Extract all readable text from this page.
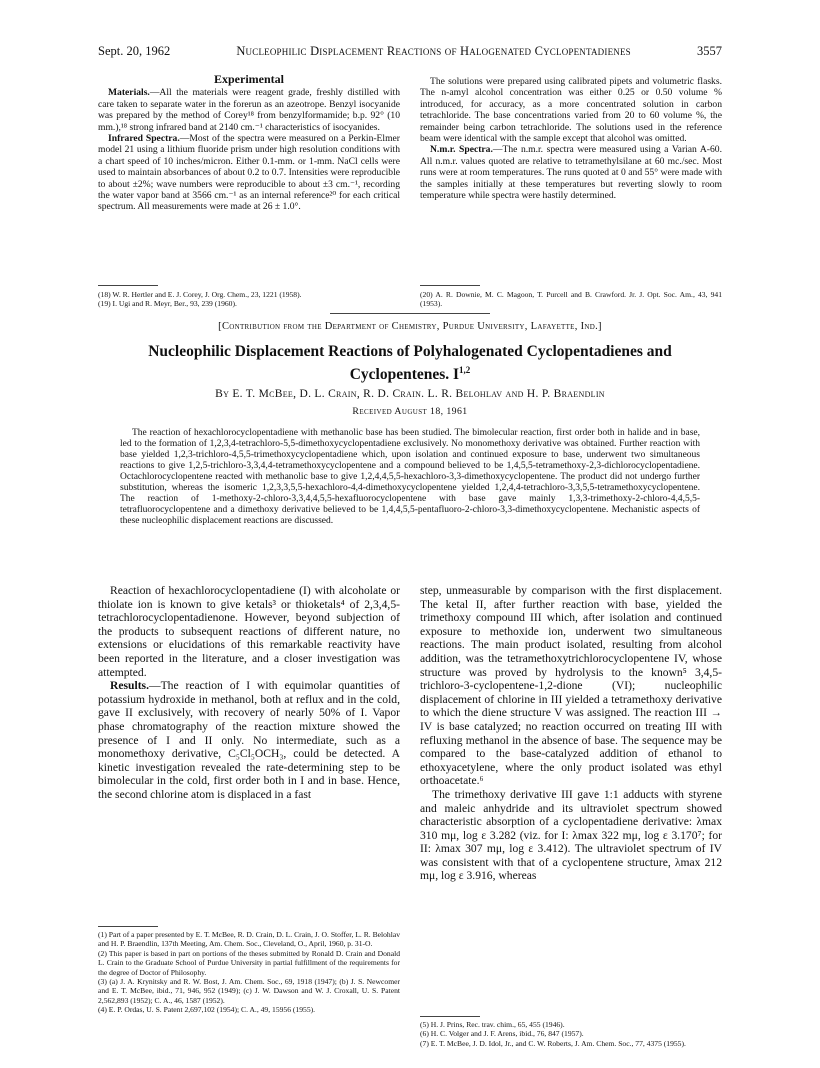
Sept. 20, 1962	Nucleophilic Displacement Reactions of Halogenated Cyclopentadienes	3557
Experimental

Materials.—All the materials were reagent grade, freshly distilled with care taken to separate water in the forerun as an azeotrope. Benzyl isocyanide was prepared by the method of Corey¹⁸ from benzylformamide; b.p. 92° (10 mm.),¹⁸ strong infrared band at 2140 cm.⁻¹ characteristics of isocyanides.

Infrared Spectra.—Most of the spectra were measured on a Perkin-Elmer model 21 using a lithium fluoride prism under high resolution conditions with a chart speed of 10 inches/micron. Either 0.1-mm. or 1-mm. NaCl cells were used to maintain absorbances of about 0.2 to 0.7. Intensities were reproducible to about ±2%; wave numbers were reproducible to about ±3 cm.⁻¹, recording the water vapor band at 3566 cm.⁻¹ as an internal reference²⁰ for each critical spectrum. All measurements were made at 26 ± 1.0°.

The solutions were prepared using calibrated pipets and volumetric flasks. The n-amyl alcohol concentration was either 0.25 or 0.50 volume % introduced, for accuracy, as a more concentrated solution in carbon tetrachloride. The base concentrations varied from 20 to 60 volume %, the remainder being carbon tetrachloride. The solutions used in the reference beam were identical with the sample except that alcohol was omitted.

N.m.r. Spectra.—The n.m.r. spectra were measured using a Varian A-60. All n.m.r. values quoted are relative to tetramethylsilane at 60 mc./sec. Most runs were at room temperatures. The runs quoted at 0 and 55° were made with the samples initially at these temperatures but reverting slowly to room temperature while spectra were hastily determined.

(18) W. R. Hertler and E. J. Corey, J. Org. Chem., 23, 1221 (1958).
(19) I. Ugi and R. Meyr, Ber., 93, 239 (1960).
(20) A. R. Downie, M. C. Magoon, T. Purcell and B. Crawford. Jr. J. Opt. Soc. Am., 43, 941 (1953).
[Contribution from the Department of Chemistry, Purdue University, Lafayette, Ind.]
Nucleophilic Displacement Reactions of Polyhalogenated Cyclopentadienes and Cyclopentenes. I$^{1,2}$
By E. T. McBee, D. L. Crain, R. D. Crain. L. R. Belohlav and H. P. Braendlin
Received August 18, 1961

The reaction of hexachlorocyclopentadiene with methanolic base has been studied. The bimolecular reaction, first order both in halide and in base, led to the formation of 1,2,3,4-tetrachloro-5,5-dimethoxycyclopentadiene exclusively. No monomethoxy derivative was obtained. Further reaction with base yielded 1,2,3-trichloro-4,5,5-trimethoxycyclopentadiene which, upon isolation and continued exposure to base, underwent two simultaneous reactions to give 1,2,5-trichloro-3,3,4,4-tetramethoxycyclopentene and a compound believed to be 1,4,5,5-tetramethoxy-2,3-dichlorocyclopentadiene. Octachlorocyclopentene reacted with methanolic base to give 1,2,4,4,5,5-hexachloro-3,3-dimethoxycyclopentene. The product did not undergo further substitution, whereas the isomeric 1,2,3,3,5,5-hexachloro-4,4-dimethoxycyclopentene yielded 1,2,4,4-tetrachloro-3,3,5,5-tetramethoxycyclopentene. The reaction of 1-methoxy-2-chloro-3,3,4,4,5,5-hexafluorocyclopentene with base gave mainly 1,3,3-trimethoxy-2-chloro-4,4,5,5-tetrafluorocyclopentene and a dimethoxy derivative believed to be 1,4,4,5,5-pentafluoro-2-chloro-3,3-dimethoxycyclopentene. Mechanistic aspects of these nucleophilic displacement reactions are discussed.

Reaction of hexachlorocyclopentadiene (I) with alcoholate or thiolate ion is known to give ketals³ or thioketals⁴ of 2,3,4,5-tetrachlorocyclopentadienone. However, beyond subjection of the products to subsequent reactions of different nature, no extensions or elucidations of this remarkable reactivity have been reported in the literature, and a closer investigation was attempted.

Results.—The reaction of I with equimolar quantities of potassium hydroxide in methanol, both at reflux and in the cold, gave II exclusively, with recovery of nearly 50% of I. Vapor phase chromatography of the reaction mixture showed the presence of I and II only. No intermediate, such as a monomethoxy derivative, C₅Cl₅OCH₃, could be detected. A kinetic investigation revealed the rate-determining step to be bimolecular in the cold, first order both in I and in base. Hence, the second chlorine atom is displaced in a fast

step, unmeasurable by comparison with the first displacement. The ketal II, after further reaction with base, yielded the trimethoxy compound III which, after isolation and continued exposure to methoxide ion, underwent two simultaneous reactions. The main product isolated, resulting from alcohol addition, was the tetramethoxytrichlorocyclopentene IV, whose structure was proved by hydrolysis to the known⁵ 3,4,5-trichloro-3-cyclopentene-1,2-dione (VI); nucleophilic displacement of chlorine in III yielded a tetramethoxy derivative to which the diene structure V was assigned. The reaction III → IV is base catalyzed; no reaction occurred on treating III with refluxing methanol in the absence of base. The sequence may be compared to the base-catalyzed addition of ethanol to ethoxyacetylene, where the only product isolated was ethyl orthoacetate.⁶

The trimethoxy derivative III gave 1:1 adducts with styrene and maleic anhydride and its ultraviolet spectrum showed characteristic absorption of a cyclopentadiene derivative: λmax 310 mμ, log ε 3.282 (viz. for I: λmax 322 mμ, log ε 3.170⁷; for II: λmax 307 mμ, log ε 3.412). The ultraviolet spectrum of IV was consistent with that of a cyclopentene structure, λmax 212 mμ, log ε 3.916, whereas

(1) Part of a paper presented by E. T. McBee, R. D. Crain, D. L. Crain, J. O. Stoffer, L. R. Belohlav and H. P. Braendlin, 137th Meeting, Am. Chem. Soc., Cleveland, O., April, 1960, p. 31-O.
(2) This paper is based in part on portions of the theses submitted by Ronald D. Crain and Donald L. Crain to the Graduate School of Purdue University in partial fulfillment of the requirements for the degree of Doctor of Philosophy.
(3) (a) J. A. Krynitsky and R. W. Bost, J. Am. Chem. Soc., 69, 1918 (1947); (b) J. S. Newcomer and E. T. McBee, ibid., 71, 946, 952 (1949); (c) J. W. Dawson and W. J. Croxall, U. S. Patent 2,562,893 (1952); C. A., 46, 1587 (1952).
(4) E. P. Ordas, U. S. Patent 2,697,102 (1954); C. A., 49, 15956 (1955).
(5) H. J. Prins, Rec. trav. chim., 65, 455 (1946).
(6) H. C. Volger and J. F. Arens, ibid., 76, 847 (1957).
(7) E. T. McBee, J. D. Idol, Jr., and C. W. Roberts, J. Am. Chem. Soc., 77, 4375 (1955).
